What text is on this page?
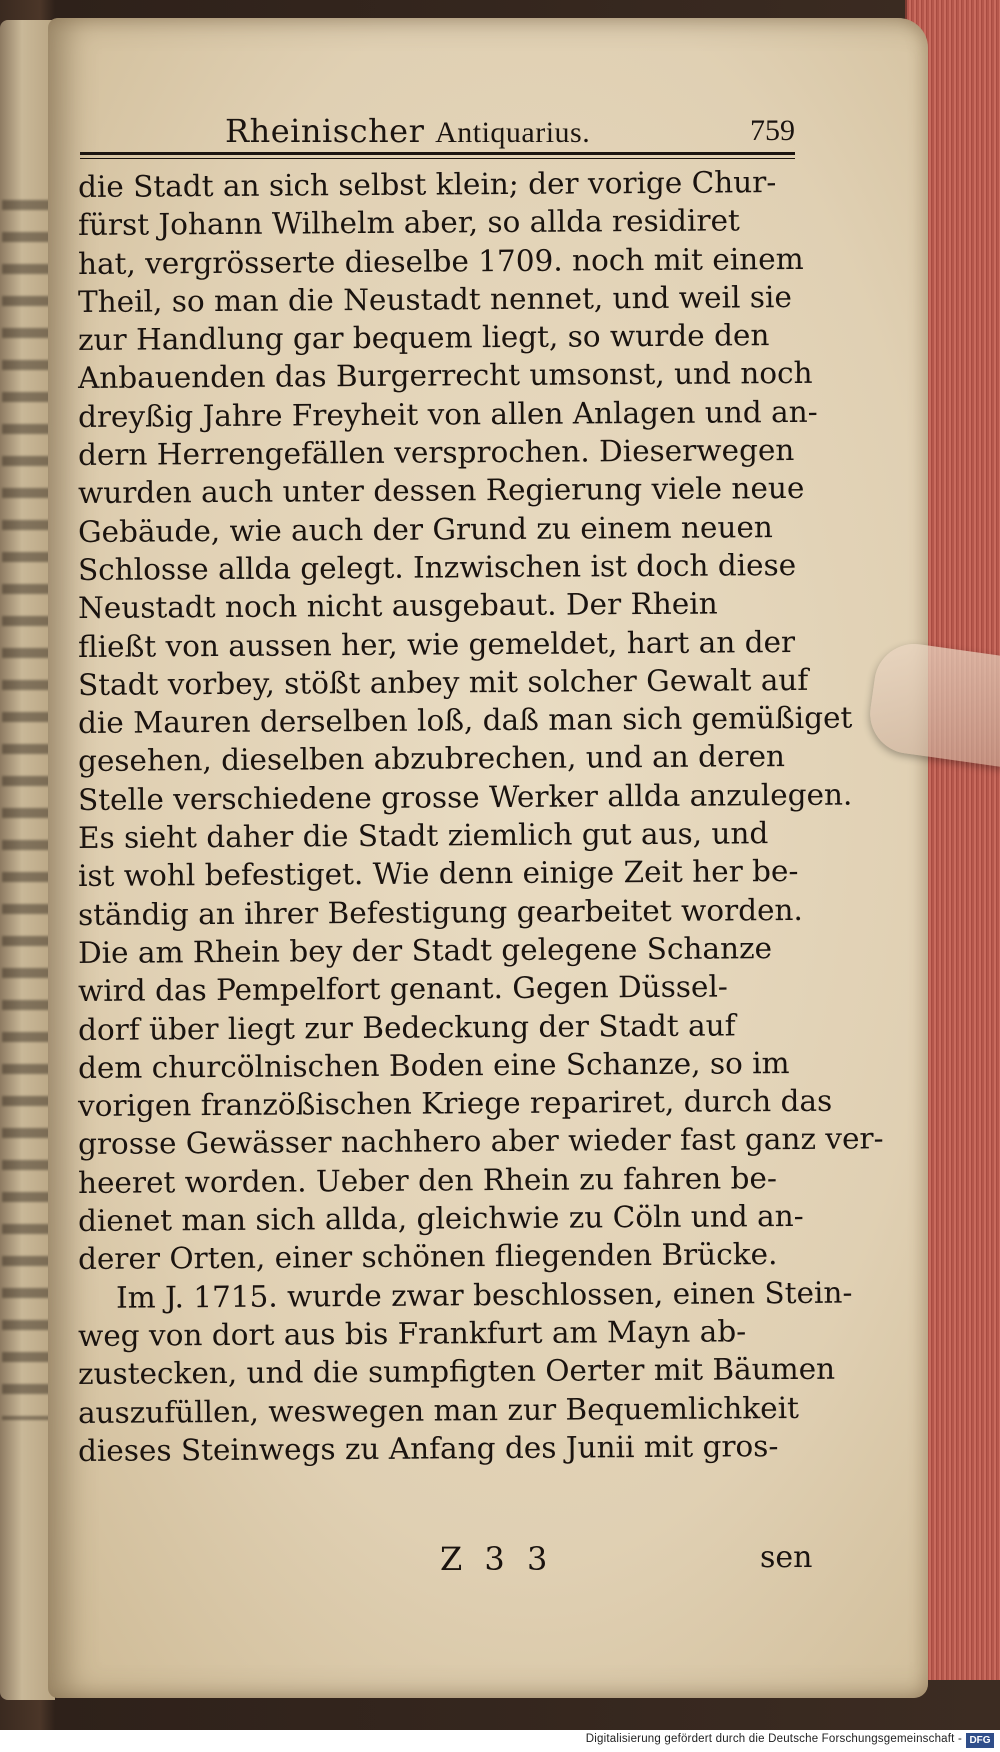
Rheinischer Antiquarius.	759
die Stadt an sich selbst klein; der vorige Chur-
fürst Johann Wilhelm aber, so allda residiret
hat, vergrösserte dieselbe 1709. noch mit einem
Theil, so man die Neustadt nennet, und weil sie
zur Handlung gar bequem liegt, so wurde den
Anbauenden das Burgerrecht umsonst, und noch
dreyßig Jahre Freyheit von allen Anlagen und an-
dern Herrengefällen versprochen. Dieserwegen
wurden auch unter dessen Regierung viele neue
Gebäude, wie auch der Grund zu einem neuen
Schlosse allda gelegt. Inzwischen ist doch diese
Neustadt noch nicht ausgebaut. Der Rhein
fließt von aussen her, wie gemeldet, hart an der
Stadt vorbey, stößt anbey mit solcher Gewalt auf
die Mauren derselben loß, daß man sich gemüßiget
gesehen, dieselben abzubrechen, und an deren
Stelle verschiedene grosse Werker allda anzulegen.
Es sieht daher die Stadt ziemlich gut aus, und
ist wohl befestiget. Wie denn einige Zeit her be-
ständig an ihrer Befestigung gearbeitet worden.
Die am Rhein bey der Stadt gelegene Schanze
wird das Pempelfort genant. Gegen Düssel-
dorf über liegt zur Bedeckung der Stadt auf
dem churcölnischen Boden eine Schanze, so im
vorigen franzößischen Kriege repariret, durch das
grosse Gewässer nachhero aber wieder fast ganz ver-
heeret worden. Ueber den Rhein zu fahren be-
dienet man sich allda, gleichwie zu Cöln und an-
derer Orten, einer schönen fliegenden Brücke.
Im J. 1715. wurde zwar beschlossen, einen Stein-
weg von dort aus bis Frankfurt am Mayn ab-
zustecken, und die sumpfigten Oerter mit Bäumen
auszufüllen, weswegen man zur Bequemlichkeit
dieses Steinwegs zu Anfang des Junii mit gros-
Z 3 3	sen
Digitalisierung gefördert durch die Deutsche Forschungsgemeinschaft - DFG
